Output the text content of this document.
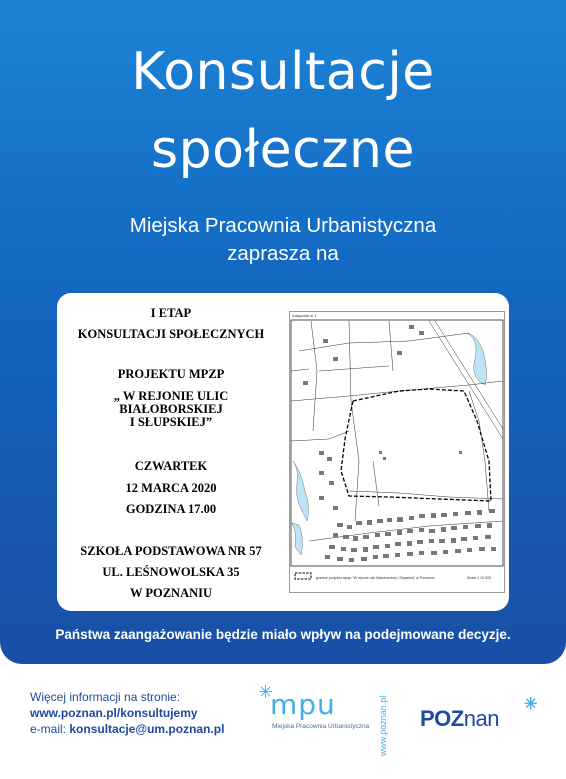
Konsultacje
społeczne
Miejska Pracownia Urbanistyczna
zaprasza na
I ETAP
KONSULTACJI SPOŁECZNYCH
PROJEKTU MPZP
„ W REJONIE ULIC
BIAŁOBORSKIEJ
I SŁUPSKIEJ”
CZWARTEK
12 MARCA 2020
GODZINA 17.00
SZKOŁA PODSTAWOWA NR 57
UL. LEŚNOWOLSKA 35
W POZNANIU
Załącznik nr 1
granice projektu mpzp "W rejonie ulic Białoborskiej i Słupskiej" w Poznaniu	Skala 1:10 000
Państwa zaangażowanie będzie miało wpływ na podejmowane decyzje.
Więcej informacji na stronie:
www.poznan.pl/konsultujemy
e-mail: konsultacje@um.poznan.pl
✳
mpu
Miejska Pracownia Urbanistyczna www.poznan.pl POZnan
✳
